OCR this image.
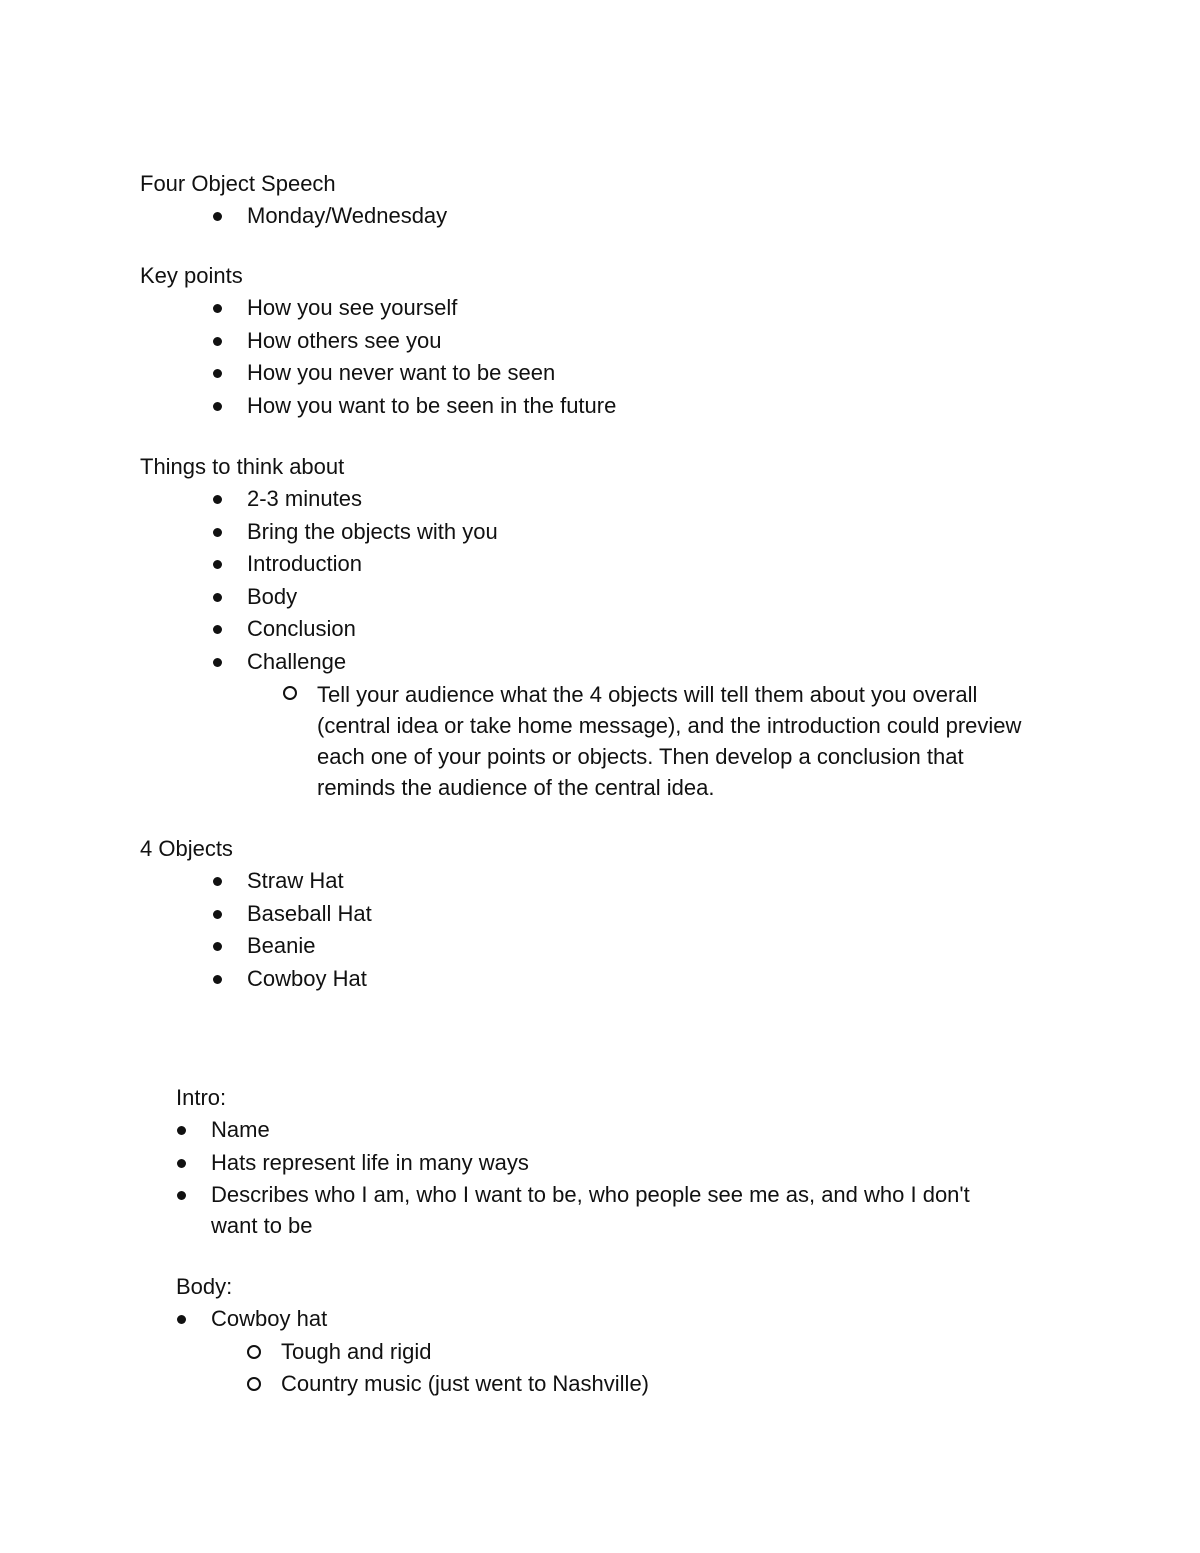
Four Object Speech
Monday/Wednesday
Key points
How you see yourself
How others see you
How you never want to be seen
How you want to be seen in the future
Things to think about
2-3 minutes
Bring the objects with you
Introduction
Body
Conclusion
Challenge
Tell your audience what the 4 objects will tell them about you overall (central idea or take home message), and the introduction could preview each one of your points or objects. Then develop a conclusion that reminds the audience of the central idea.
4 Objects
Straw Hat
Baseball Hat
Beanie
Cowboy Hat
Intro:
Name
Hats represent life in many ways
Describes who I am, who I want to be, who people see me as, and who I don't want to be
Body:
Cowboy hat
Tough and rigid
Country music (just went to Nashville)
